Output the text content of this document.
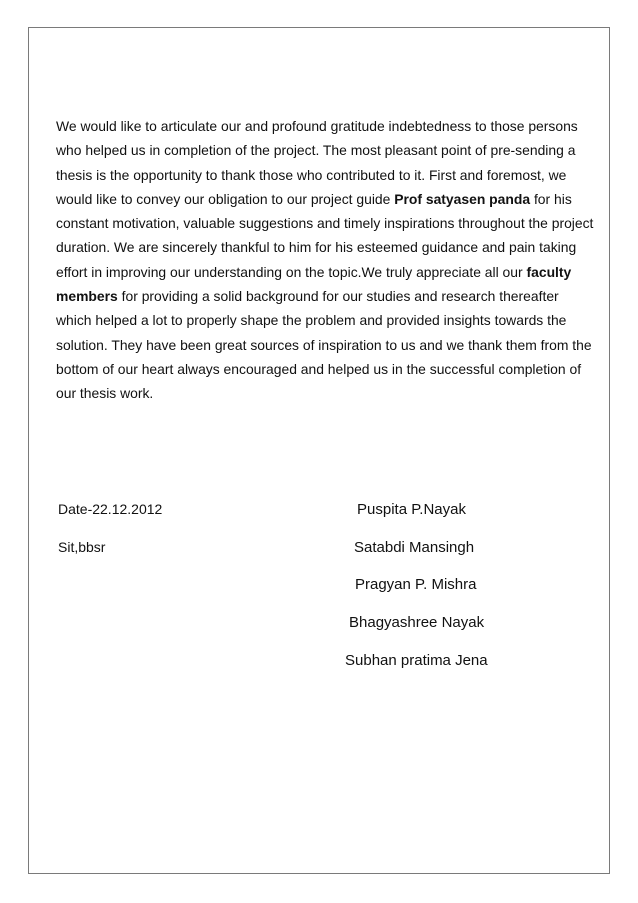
We would like to articulate our and profound gratitude indebtedness to those persons who helped us in completion of the project. The most pleasant point of pre-sending a thesis is the opportunity to thank those who contributed to it. First and foremost, we would like to convey our obligation to our project guide Prof satyasen panda for his constant motivation, valuable suggestions and timely inspirations throughout the project duration. We are sincerely thankful to him for his esteemed guidance and pain taking effort in improving our understanding on the topic.We truly appreciate all our faculty members for providing a solid background for our studies and research thereafter which helped a lot to properly shape the problem and provided insights towards the solution. They have been great sources of inspiration to us and we thank them from the bottom of our heart always encouraged and helped us in the successful completion of our thesis work.

Date-22.12.2012
Sit,bbsr
Puspita P.Nayak
Satabdi Mansingh
Pragyan P. Mishra
Bhagyashree Nayak
Subhan pratima Jena
